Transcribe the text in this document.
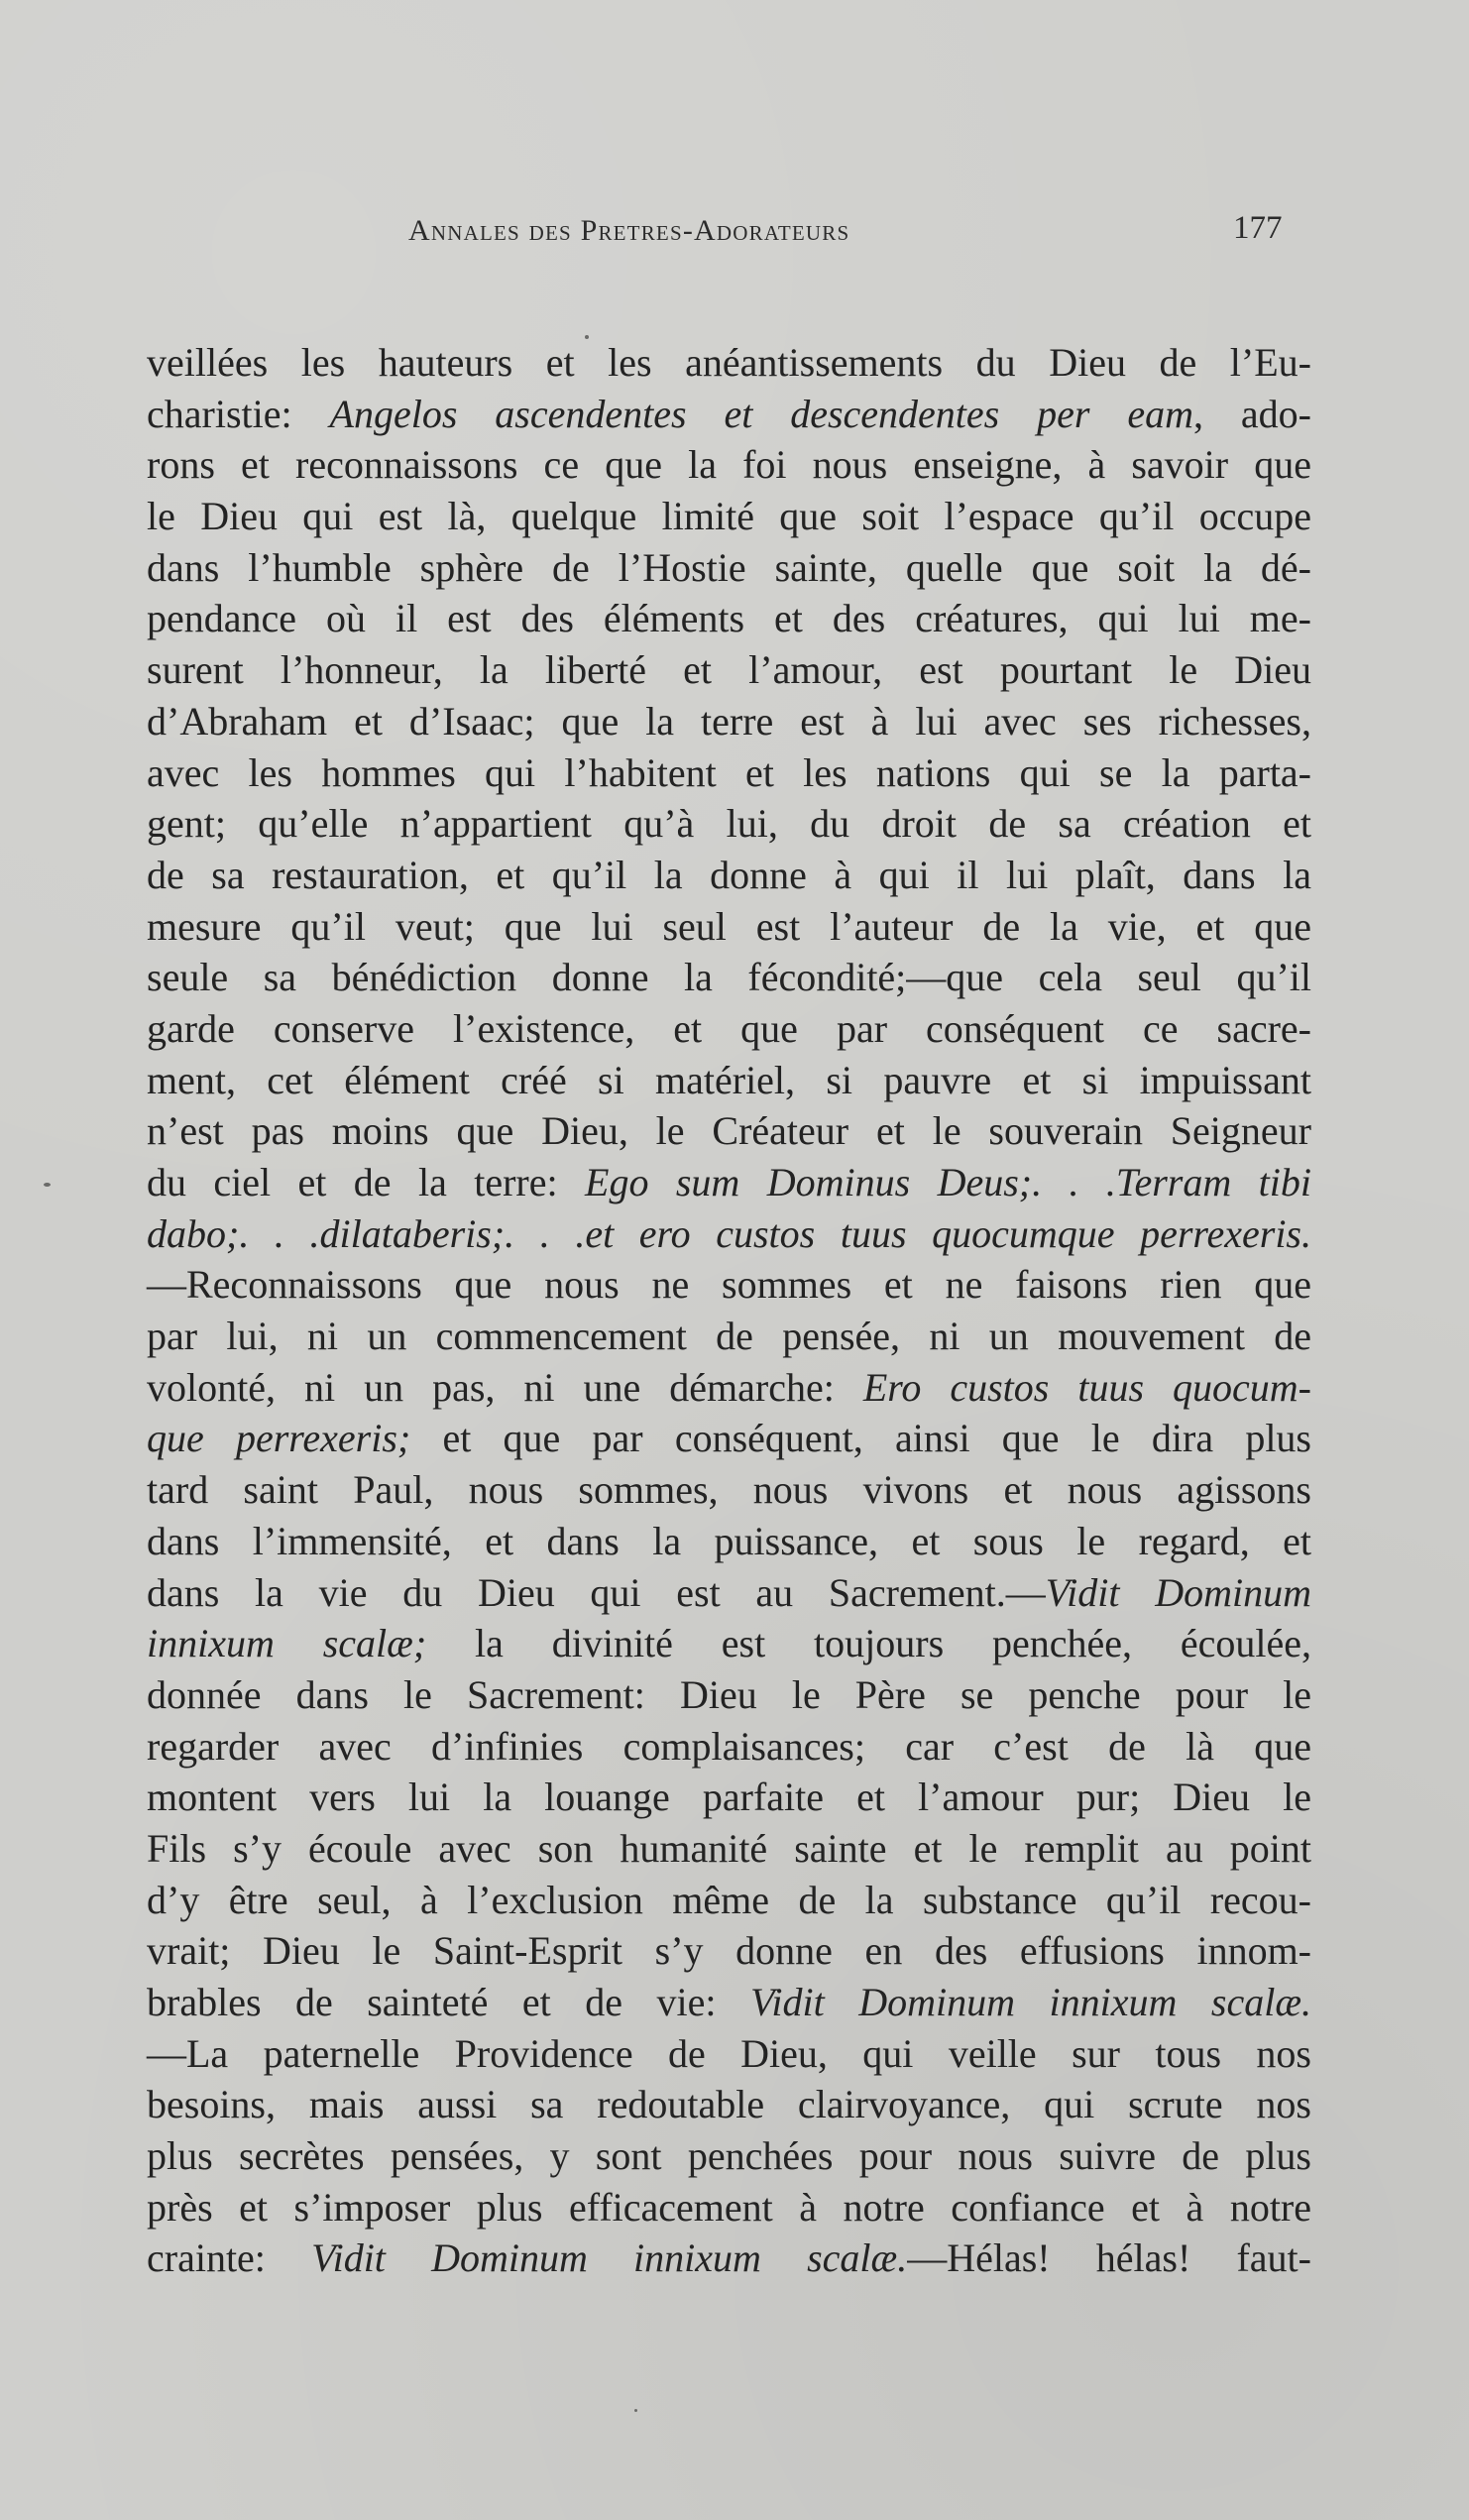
Annales des Pretres-Adorateurs	177
veillées les hauteurs et les anéantissements du Dieu de l’Eu-
charistie: Angelos ascendentes et descendentes per eam, ado-
rons et reconnaissons ce que la foi nous enseigne, à savoir que
le Dieu qui est là, quelque limité que soit l’espace qu’il occupe
dans l’humble sphère de l’Hostie sainte, quelle que soit la dé-
pendance où il est des éléments et des créatures, qui lui me-
surent l’honneur, la liberté et l’amour, est pourtant le Dieu
d’Abraham et d’Isaac; que la terre est à lui avec ses richesses,
avec les hommes qui l’habitent et les nations qui se la parta-
gent; qu’elle n’appartient qu’à lui, du droit de sa création et
de sa restauration, et qu’il la donne à qui il lui plaît, dans la
mesure qu’il veut; que lui seul est l’auteur de la vie, et que
seule sa bénédiction donne la fécondité;—que cela seul qu’il
garde conserve l’existence, et que par conséquent ce sacre-
ment, cet élément créé si matériel, si pauvre et si impuissant
n’est pas moins que Dieu, le Créateur et le souverain Seigneur
du ciel et de la terre: Ego sum Dominus Deus;. . .Terram tibi
dabo;. . .dilataberis;. . .et ero custos tuus quocumque perrexeris.
—Reconnaissons que nous ne sommes et ne faisons rien que
par lui, ni un commencement de pensée, ni un mouvement de
volonté, ni un pas, ni une démarche: Ero custos tuus quocum-
que perrexeris; et que par conséquent, ainsi que le dira plus
tard saint Paul, nous sommes, nous vivons et nous agissons
dans l’immensité, et dans la puissance, et sous le regard, et
dans la vie du Dieu qui est au Sacrement.—Vidit Dominum
innixum scalæ; la divinité est toujours penchée, écoulée,
donnée dans le Sacrement: Dieu le Père se penche pour le
regarder avec d’infinies complaisances; car c’est de là que
montent vers lui la louange parfaite et l’amour pur; Dieu le
Fils s’y écoule avec son humanité sainte et le remplit au point
d’y être seul, à l’exclusion même de la substance qu’il recou-
vrait; Dieu le Saint-Esprit s’y donne en des effusions innom-
brables de sainteté et de vie: Vidit Dominum innixum scalæ.
—La paternelle Providence de Dieu, qui veille sur tous nos
besoins, mais aussi sa redoutable clairvoyance, qui scrute nos
plus secrètes pensées, y sont penchées pour nous suivre de plus
près et s’imposer plus efficacement à notre confiance et à notre
crainte: Vidit Dominum innixum scalæ.—Hélas! hélas! faut-
